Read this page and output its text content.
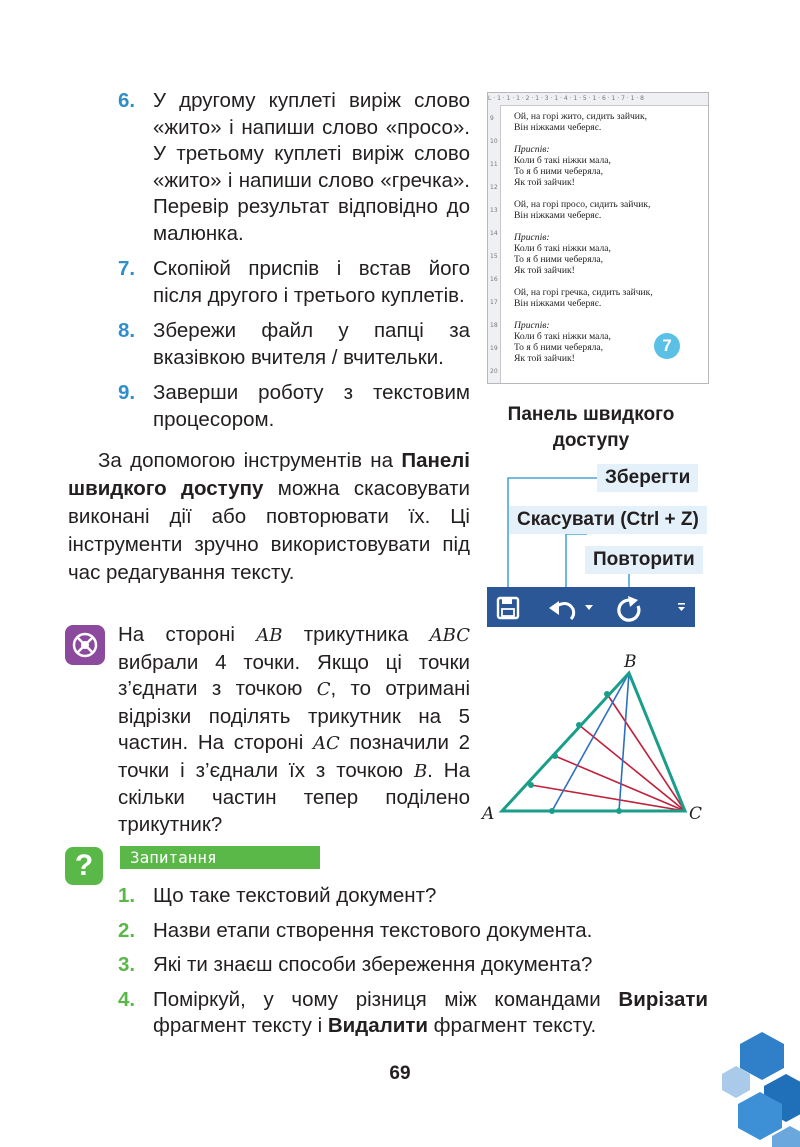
6. У другому куплеті виріж слово «жито» і напиши слово «просо». У третьому куплеті виріж слово «жито» і напиши слово «гречка». Перевір результат відповідно до малюнка.
7. Скопіюй приспів і встав його після другого і третього куплетів.
8. Збережи файл у папці за вказівкою вчителя / вчительки.
9. Заверши роботу з текстовим процесором.
L · 1 · 1 · 1 · 2 · 1 · 3 · 1 · 4 · 1 · 5 · 1 · 6 · 1 · 7 · 1 · 8
9
10
11
12
13
14
15
16
17
18
19
20
Ой, на горі жито, сидить зайчик,
Він ніжками чеберяє.
Приспів:
Коли б такі ніжки мала,
То я б ними чеберяла,
Як той зайчик!
Ой, на горі просо, сидить зайчик,
Він ніжками чеберяє.
Приспів:
Коли б такі ніжки мала,
То я б ними чеберяла,
Як той зайчик!
Ой, на горі гречка, сидить зайчик,
Він ніжками чеберяє.
Приспів:
Коли б такі ніжки мала,
То я б ними чеберяла,
Як той зайчик!
7
Панель швидкого доступу
Зберегти
Скасувати (Ctrl + Z)
Повторити
За допомогою інструментів на Панелі швидкого доступу можна скасовувати виконані дії або повторювати їх. Ці інструменти зручно використовувати під час редагування тексту.
На стороні AB трикутника ABC вибрали 4 точки. Якщо ці точки з’єднати з точкою C, то отримані відрізки поділять трикутник на 5 частин. На стороні AC позначили 2 точки і з’єднали їх з точкою B. На скільки частин тепер поділено трикутник?
B
A	C
?	Запитання
1. Що таке текстовий документ?
2. Назви етапи створення текстового документа.
3. Які ти знаєш способи збереження документа?
4. Поміркуй, у чому різниця між командами Вирізати фрагмент тексту і Видалити фрагмент тексту.
69
